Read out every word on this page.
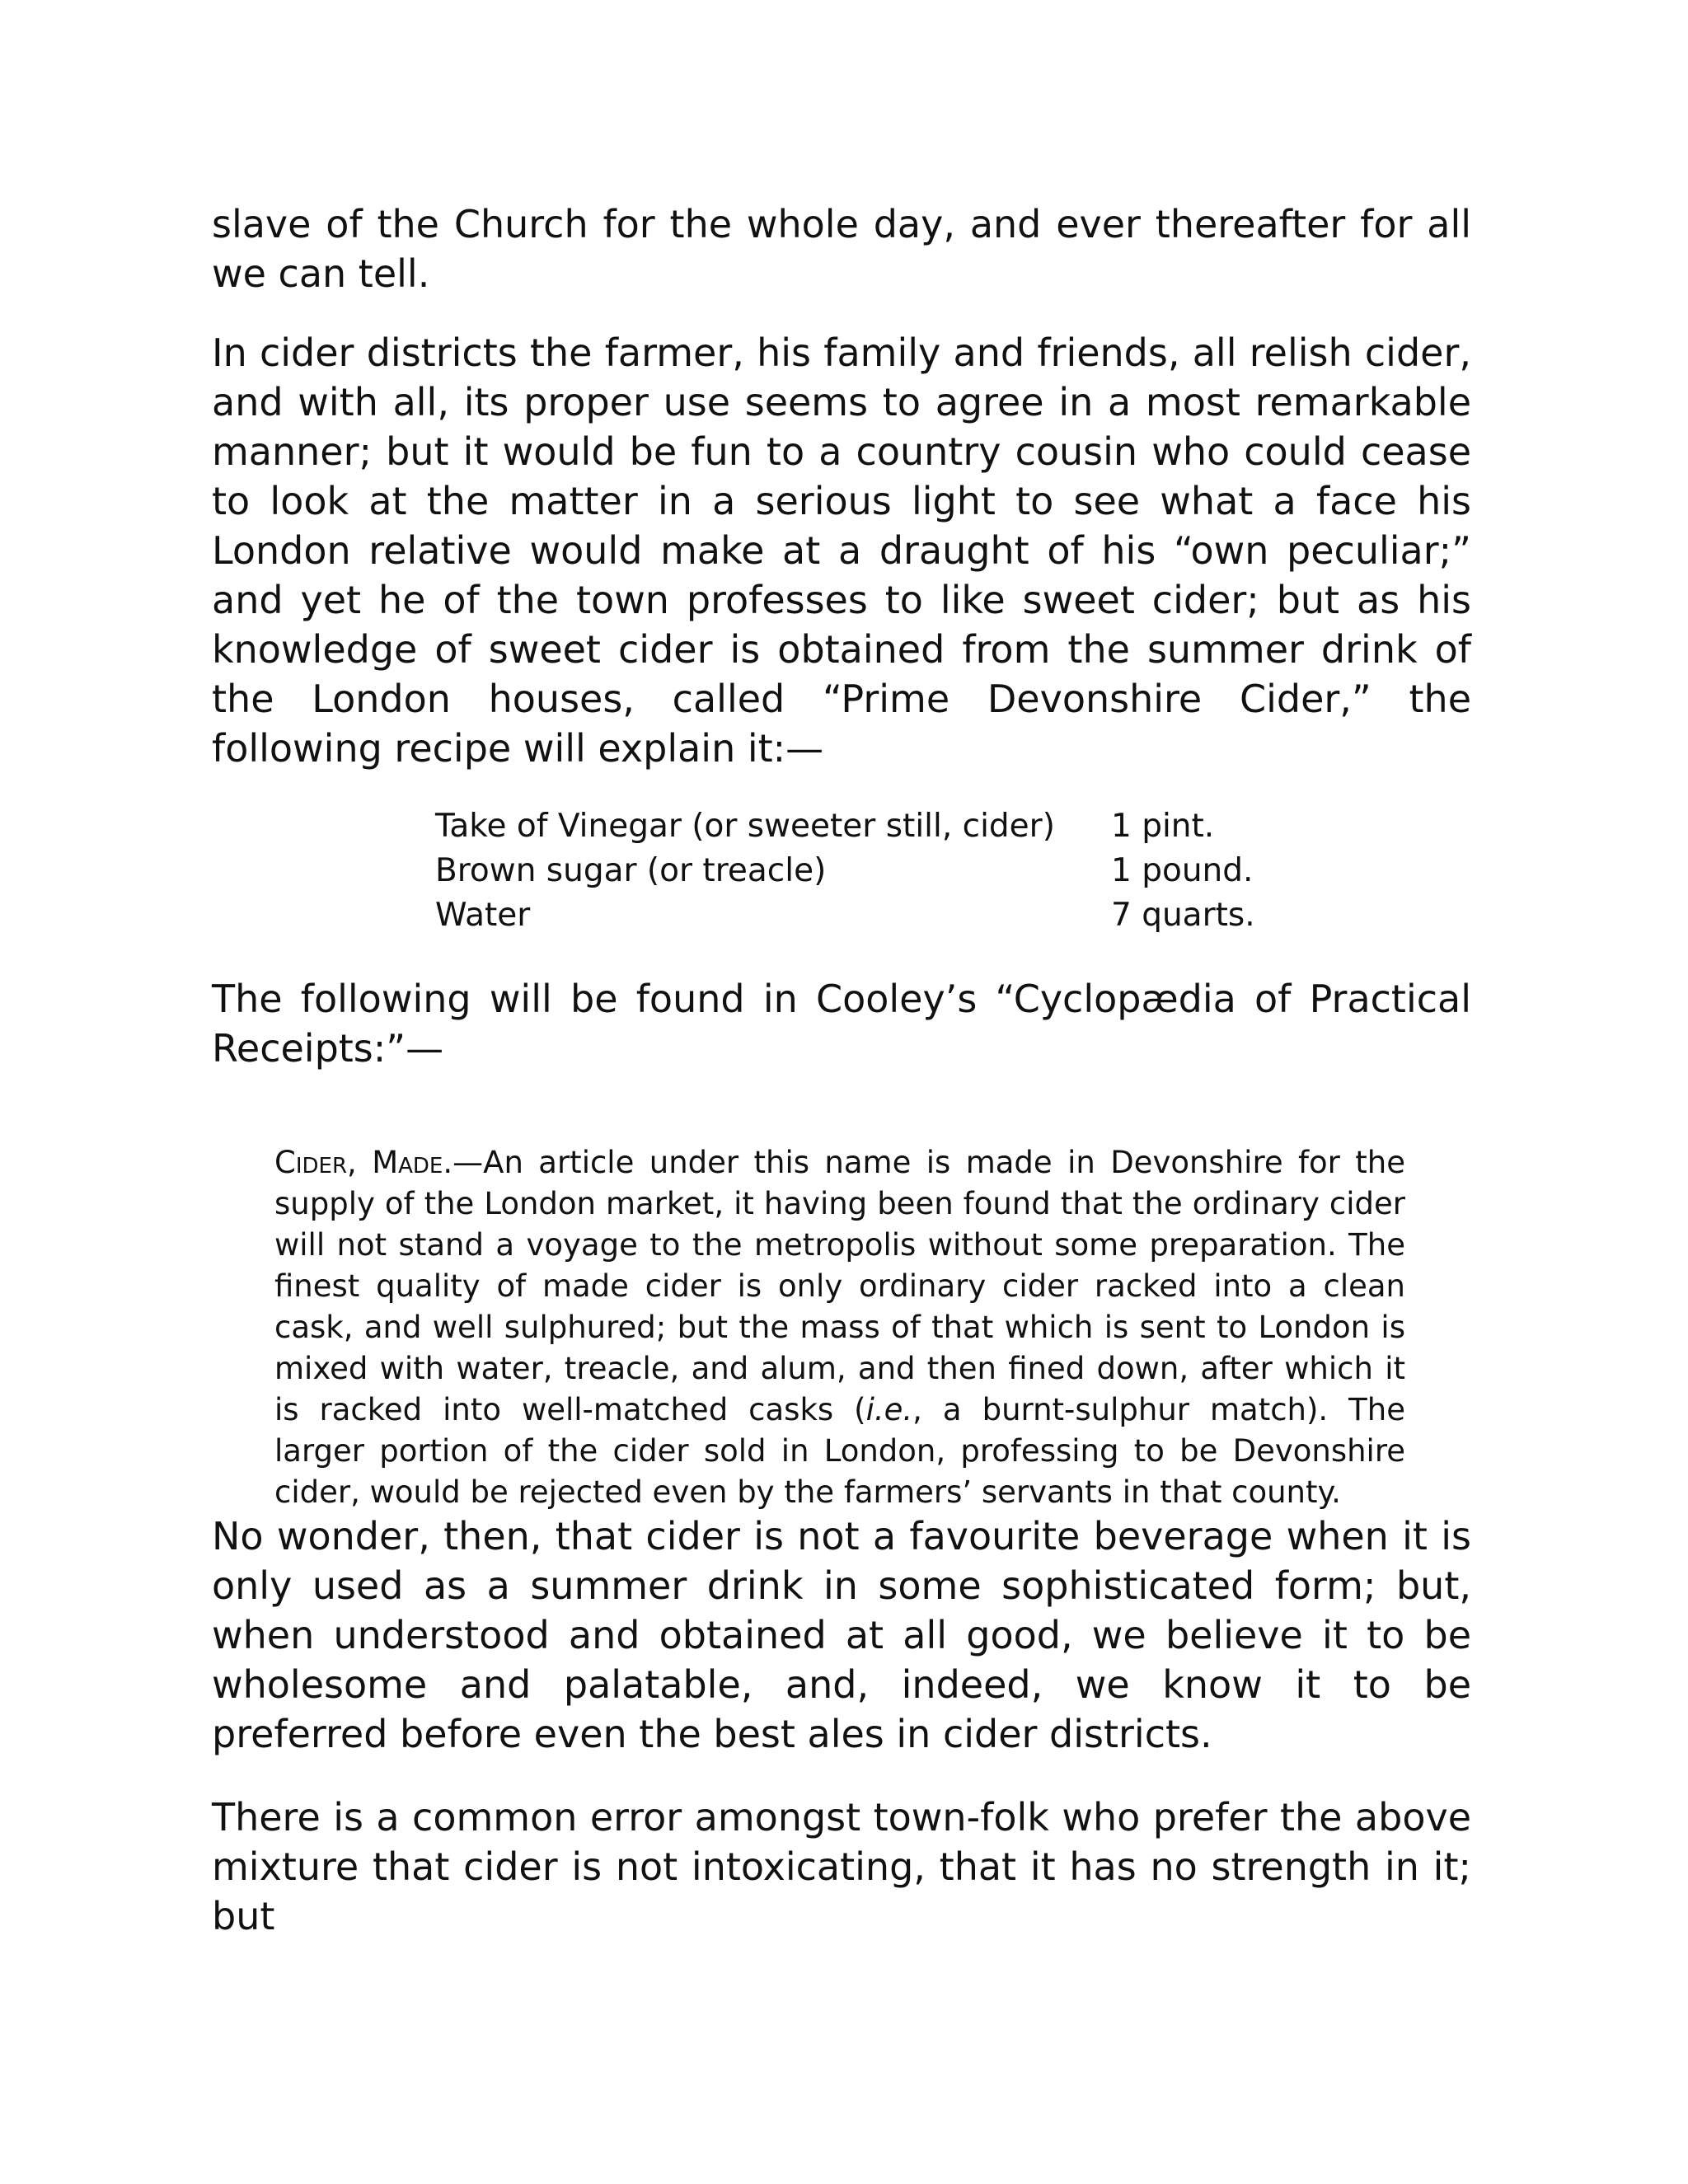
slave of the Church for the whole day, and ever thereafter for all we can tell.

In cider districts the farmer, his family and friends, all relish cider, and with all, its proper use seems to agree in a most remarkable manner; but it would be fun to a country cousin who could cease to look at the matter in a serious light to see what a face his London relative would make at a draught of his “own peculiar;” and yet he of the town professes to like sweet cider; but as his knowledge of sweet cider is obtained from the summer drink of the London houses, called “Prime Devonshire Cider,” the following recipe will explain it:—

Take of Vinegar (or sweeter still, cider)	1 pint.
Brown sugar (or treacle)	1 pound.
Water	7 quarts.

The following will be found in Cooley’s “Cyclopædia of Practical Receipts:”—

Cider, Made.—An article under this name is made in Devonshire for the supply of the London market, it having been found that the ordinary cider will not stand a voyage to the metropolis without some preparation. The finest quality of made cider is only ordinary cider racked into a clean cask, and well sulphured; but the mass of that which is sent to London is mixed with water, treacle, and alum, and then fined down, after which it is racked into well-matched casks (i.e., a burnt-sulphur match). The larger portion of the cider sold in London, professing to be Devonshire cider, would be rejected even by the farmers’ servants in that county.

No wonder, then, that cider is not a favourite beverage when it is only used as a summer drink in some sophisticated form; but, when understood and obtained at all good, we believe it to be wholesome and palatable, and, indeed, we know it to be preferred before even the best ales in cider districts.

There is a common error amongst town-folk who prefer the above mixture that cider is not intoxicating, that it has no strength in it; but
